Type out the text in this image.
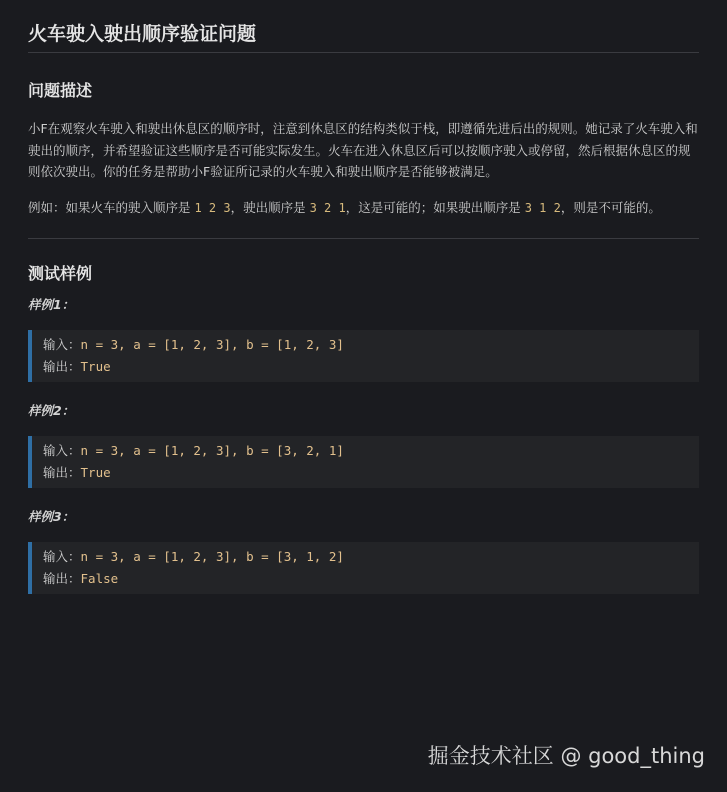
火车驶入驶出顺序验证问题
问题描述
小F在观察火车驶入和驶出休息区的顺序时，注意到休息区的结构类似于栈，即遵循先进后出的规则。她记录了火车驶入和驶出的顺序，并希望验证这些顺序是否可能实际发生。火车在进入休息区后可以按顺序驶入或停留，然后根据休息区的规则依次驶出。你的任务是帮助小F验证所记录的火车驶入和驶出顺序是否能够被满足。
例如：如果火车的驶入顺序是 1 2 3，驶出顺序是 3 2 1，这是可能的；如果驶出顺序是 3 1 2，则是不可能的。
测试样例
样例1：
输入：n = 3, a = [1, 2, 3], b = [1, 2, 3]
输出：True
样例2：
输入：n = 3, a = [1, 2, 3], b = [3, 2, 1]
输出：True
样例3：
输入：n = 3, a = [1, 2, 3], b = [3, 1, 2]
输出：False
掘金技术社区 @ good_thing
